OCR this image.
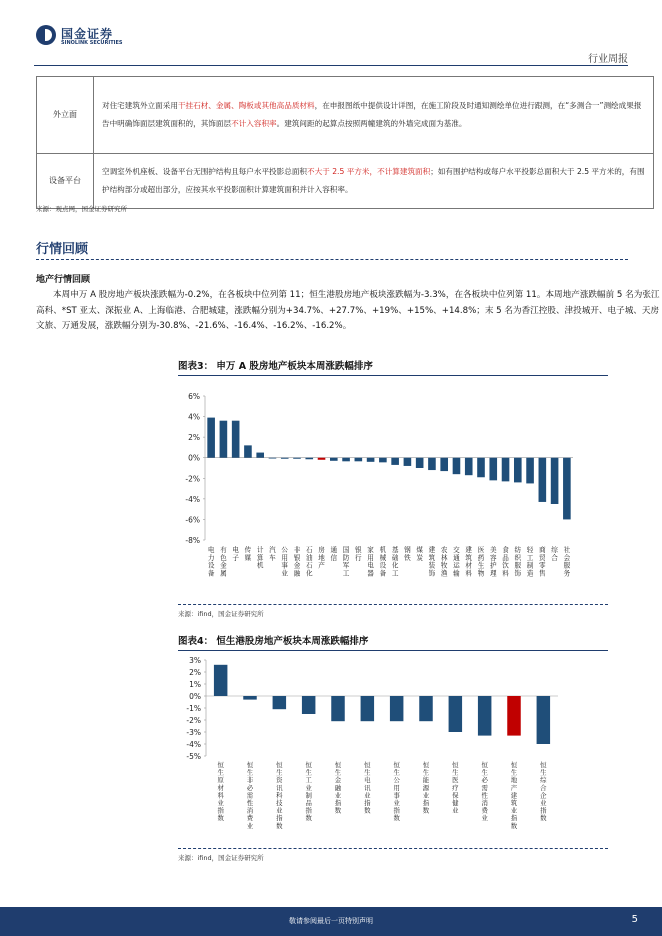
国金证券
SINOLINK SECURITIES
行业周报
外立面	对住宅建筑外立面采用干挂石材、金属、陶板或其他高品质材料，在申报图纸中提供设计详图，在施工阶段及时通知测绘单位进行跟测，在“多测合一”测绘成果报告中明确饰面层建筑面积的，其饰面层不计入容积率。建筑间距的起算点按照两幢建筑的外墙完成面为基准。
设备平台	空调室外机座板、设备平台无围护结构且每户水平投影总面积不大于 2.5 平方米，不计算建筑面积；如有围护结构或每户水平投影总面积大于 2.5 平方米的，有围护结构部分或超出部分，应按其水平投影面积计算建筑面积并计入容积率。
来源：观点网，国金证券研究所
行情回顾
地产行情回顾
本周申万 A 股房地产板块涨跌幅为-0.2%，在各板块中位列第 11；恒生港股房地产板块涨跌幅为-3.3%，在各板块中位列第 11。本周地产涨跌幅前 5 名为张江高科、*ST 亚太、深振业 A、上海临港、合肥城建，涨跌幅分别为+34.7%、+27.7%、+19%、+15%、+14.8%；末 5 名为香江控股、津投城开、电子城、天房文旅、万通发展，涨跌幅分别为-30.8%、-21.6%、-16.4%、-16.2%、-16.2%。
图表3： 申万 A 股房地产板块本周涨跌幅排序
6%
4%
2%
0%
-2%
-4%
-6%
-8%
电力设备
有色金属
电子
传媒
计算机
汽车
公用事业
非银金融
石油石化
房地产
通信
国防军工
银行
家用电器
机械设备
基础化工
钢铁
煤炭
建筑装饰
农林牧渔
交通运输
建筑材料
医药生物
美容护理
食品饮料
纺织服饰
轻工制造
商贸零售
综合
社会服务
来源：ifind，国金证券研究所
图表4： 恒生港股房地产板块本周涨跌幅排序
3%
2%
1%
0%
-1%
-2%
-3%
-4%
-5%
恒生原材料业指数
恒生非必需性消费业
恒生资讯科技业指数
恒生工业制品指数
恒生金融业指数
恒生电讯业指数
恒生公用事业指数
恒生能源业指数
恒生医疗保健业
恒生必需性消费业
恒生地产建筑业指数
恒生综合企业指数
来源：ifind，国金证券研究所
敬请参阅最后一页特别声明	5
